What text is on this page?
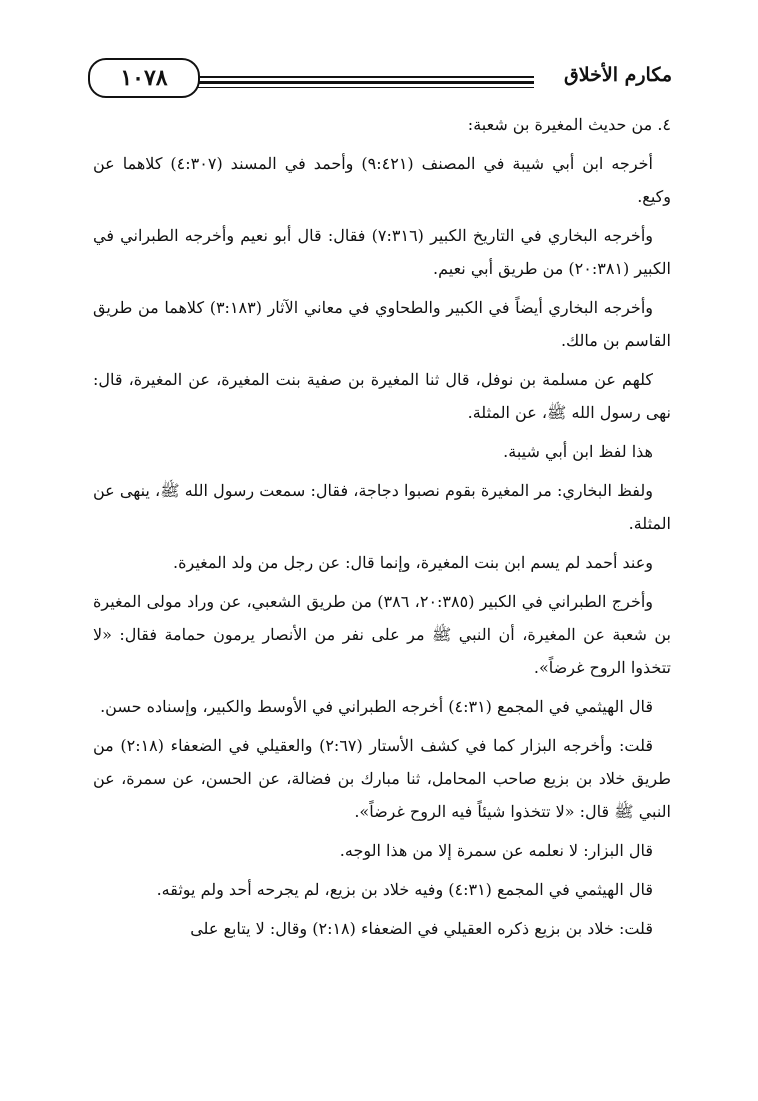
١٠٧٨	مكارم الأخلاق

٤. من حديث المغيرة بن شعبة:

أخرجه ابن أبي شيبة في المصنف (٩:٤٢١) وأحمد في المسند (٤:٣٠٧) كلاهما عن وكيع.

وأخرجه البخاري في التاريخ الكبير (٧:٣١٦) فقال: قال أبو نعيم وأخرجه الطبراني في الكبير (٢٠:٣٨١) من طريق أبي نعيم.

وأخرجه البخاري أيضاً في الكبير والطحاوي في معاني الآثار (٣:١٨٣) كلاهما من طريق القاسم بن مالك.

كلهم عن مسلمة بن نوفل، قال ثنا المغيرة بن صفية بنت المغيرة، عن المغيرة، قال: نهى رسول الله ﷺ، عن المثلة.

هذا لفظ ابن أبي شيبة.

ولفظ البخاري: مر المغيرة بقوم نصبوا دجاجة، فقال: سمعت رسول الله ﷺ، ينهى عن المثلة.

وعند أحمد لم يسم ابن بنت المغيرة، وإنما قال: عن رجل من ولد المغيرة.

وأخرج الطبراني في الكبير (٢٠:٣٨٥، ٣٨٦) من طريق الشعبي، عن وراد مولى المغيرة بن شعبة عن المغيرة، أن النبي ﷺ مر على نفر من الأنصار يرمون حمامة فقال: «لا تتخذوا الروح غرضاً».

قال الهيثمي في المجمع (٤:٣١) أخرجه الطبراني في الأوسط والكبير، وإسناده حسن.

قلت: وأخرجه البزار كما في كشف الأستار (٢:٦٧) والعقيلي في الضعفاء (٢:١٨) من طريق خلاد بن بزيع صاحب المحامل، ثنا مبارك بن فضالة، عن الحسن، عن سمرة، عن النبي ﷺ قال: «لا تتخذوا شيئاً فيه الروح غرضاً».

قال البزار: لا نعلمه عن سمرة إلا من هذا الوجه.

قال الهيثمي في المجمع (٤:٣١) وفيه خلاد بن بزيع، لم يجرحه أحد ولم يوثقه.

قلت: خلاد بن بزيع ذكره العقيلي في الضعفاء (٢:١٨) وقال: لا يتابع على
